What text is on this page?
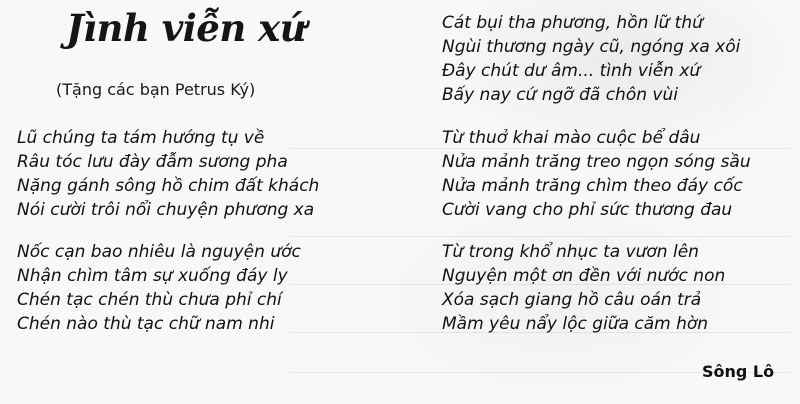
Jình viễn xứ
(Tặng các bạn Petrus Ký)
Lũ chúng ta tám hướng tụ về
Râu tóc lưu đày đẫm sương pha
Nặng gánh sông hồ chim đất khách
Nói cười trôi nổi chuyện phương xa
Nốc cạn bao nhiêu là nguyện ước
Nhận chìm tâm sự xuống đáy ly
Chén tạc chén thù chưa phỉ chí
Chén nào thù tạc chữ nam nhi
Cát bụi tha phương, hồn lữ thứ
Ngùi thương ngày cũ, ngóng xa xôi
Đây chút dư âm... tình viễn xứ
Bấy nay cứ ngỡ đã chôn vùi
Từ thuở khai mào cuộc bể dâu
Nửa mảnh trăng treo ngọn sóng sầu
Nửa mảnh trăng chìm theo đáy cốc
Cười vang cho phỉ sức thương đau
Từ trong khổ nhục ta vươn lên
Nguyện một ơn đền với nước non
Xóa sạch giang hồ câu oán trả
Mầm yêu nẩy lộc giữa căm hờn
Sông Lô
